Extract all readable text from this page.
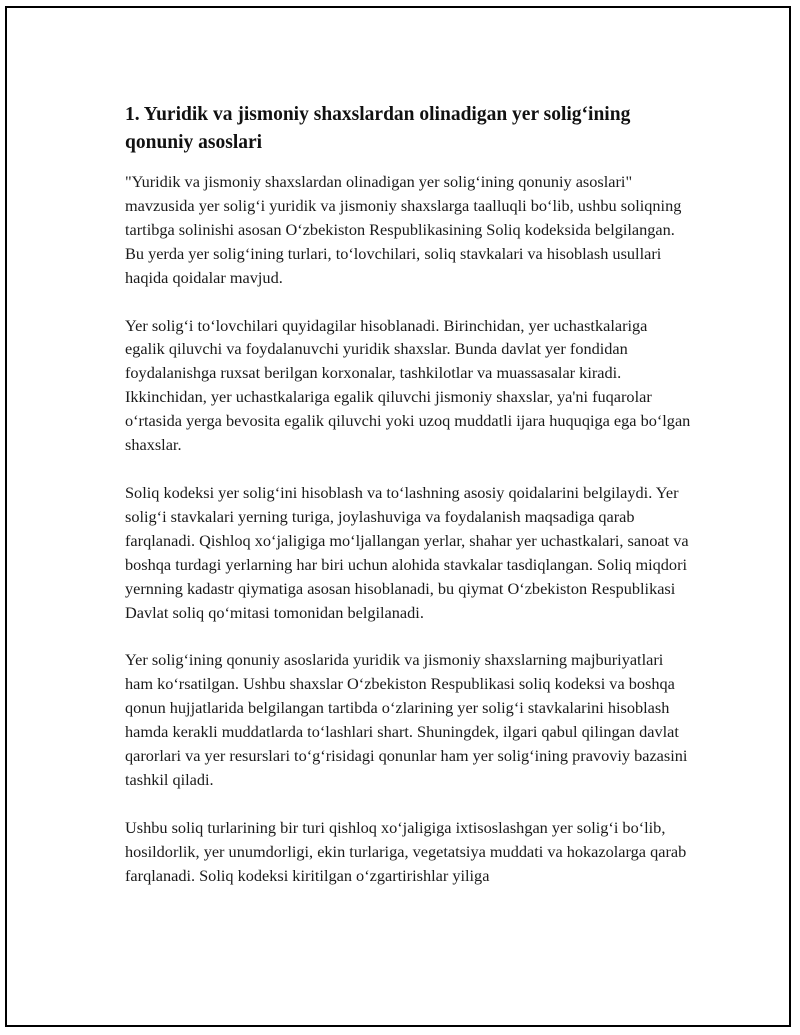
1. Yuridik va jismoniy shaxslardan olinadigan yer solig‘ining qonuniy asoslari

"Yuridik va jismoniy shaxslardan olinadigan yer solig‘ining qonuniy asoslari" mavzusida yer solig‘i yuridik va jismoniy shaxslarga taalluqli bo‘lib, ushbu soliqning tartibga solinishi asosan O‘zbekiston Respublikasining Soliq kodeksida belgilangan. Bu yerda yer solig‘ining turlari, to‘lovchilari, soliq stavkalari va hisoblash usullari haqida qoidalar mavjud.

Yer solig‘i to‘lovchilari quyidagilar hisoblanadi. Birinchidan, yer uchastkalariga egalik qiluvchi va foydalanuvchi yuridik shaxslar. Bunda davlat yer fondidan foydalanishga ruxsat berilgan korxonalar, tashkilotlar va muassasalar kiradi. Ikkinchidan, yer uchastkalariga egalik qiluvchi jismoniy shaxslar, ya'ni fuqarolar o‘rtasida yerga bevosita egalik qiluvchi yoki uzoq muddatli ijara huquqiga ega bo‘lgan shaxslar.

Soliq kodeksi yer solig‘ini hisoblash va to‘lashning asosiy qoidalarini belgilaydi. Yer solig‘i stavkalari yerning turiga, joylashuviga va foydalanish maqsadiga qarab farqlanadi. Qishloq xo‘jaligiga mo‘ljallangan yerlar, shahar yer uchastkalari, sanoat va boshqa turdagi yerlarning har biri uchun alohida stavkalar tasdiqlangan. Soliq miqdori yernning kadastr qiymatiga asosan hisoblanadi, bu qiymat O‘zbekiston Respublikasi Davlat soliq qo‘mitasi tomonidan belgilanadi.

Yer solig‘ining qonuniy asoslarida yuridik va jismoniy shaxslarning majburiyatlari ham ko‘rsatilgan. Ushbu shaxslar O‘zbekiston Respublikasi soliq kodeksi va boshqa qonun hujjatlarida belgilangan tartibda o‘zlarining yer solig‘i stavkalarini hisoblash hamda kerakli muddatlarda to‘lashlari shart. Shuningdek, ilgari qabul qilingan davlat qarorlari va yer resurslari to‘g‘risidagi qonunlar ham yer solig‘ining pravoviy bazasini tashkil qiladi.

Ushbu soliq turlarining bir turi qishloq xo‘jaligiga ixtisoslashgan yer solig‘i bo‘lib, hosildorlik, yer unumdorligi, ekin turlariga, vegetatsiya muddati va hokazolarga qarab farqlanadi. Soliq kodeksi kiritilgan o‘zgartirishlar yiliga
